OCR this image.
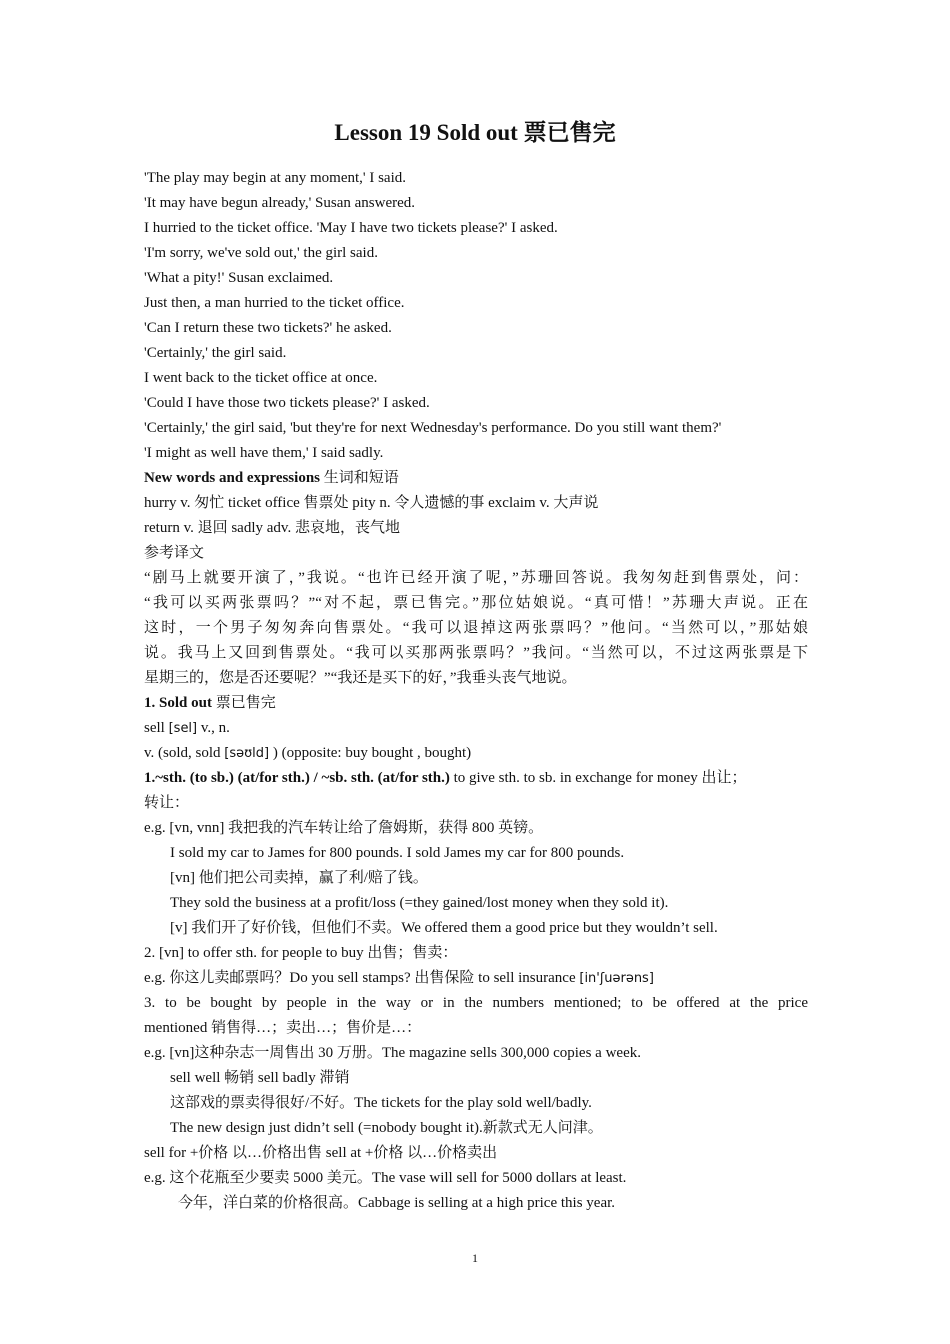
Lesson 19 Sold out 票已售完
'The play may begin at any moment,' I said.
'It may have begun already,' Susan answered.
I hurried to the ticket office. 'May I have two tickets please?' I asked.
'I'm sorry, we've sold out,' the girl said.
'What a pity!' Susan exclaimed.
Just then, a man hurried to the ticket office.
'Can I return these two tickets?' he asked.
'Certainly,' the girl said.
I went back to the ticket office at once.
'Could I have those two tickets please?' I asked.
'Certainly,' the girl said, 'but they're for next Wednesday's performance. Do you still want them?'
'I might as well have them,' I said sadly.
New words and expressions 生词和短语
hurry v. 匆忙 ticket office 售票处 pity n. 令人遗憾的事 exclaim v. 大声说
return v. 退回 sadly adv. 悲哀地，丧气地
参考译文
“剧马上就要开演了，”我说。“也许已经开演了呢，”苏珊回答说。我匆匆赶到售票处，问：
“我可以买两张票吗？”“对不起，票已售完。”那位姑娘说。“真可惜！”苏珊大声说。正在
这时，一个男子匆匆奔向售票处。“我可以退掉这两张票吗？”他问。“当然可以，”那姑娘
说。我马上又回到售票处。“我可以买那两张票吗？”我问。“当然可以，不过这两张票是下
星期三的，您是否还要呢？”“我还是买下的好，”我垂头丧气地说。
1. Sold out 票已售完
sell [sel] v., n.
v. (sold, sold [səʊld] ) (opposite: buy bought , bought)
1.~sth. (to sb.) (at/for sth.) / ~sb. sth. (at/for sth.) to give sth. to sb. in exchange for money 出让；
转让：
e.g. [vn, vnn] 我把我的汽车转让给了詹姆斯，获得 800 英镑。
I sold my car to James for 800 pounds. I sold James my car for 800 pounds.
[vn] 他们把公司卖掉，赢了利/赔了钱。
They sold the business at a profit/loss (=they gained/lost money when they sold it).
[v] 我们开了好价钱，但他们不卖。We offered them a good price but they wouldn’t sell.
2. [vn] to offer sth. for people to buy 出售；售卖：
e.g. 你这儿卖邮票吗？Do you sell stamps? 出售保险 to sell insurance [in'ʃuərəns]
3. to be bought by people in the way or in the numbers mentioned; to be offered at the price
mentioned 销售得…；卖出…；售价是…：
e.g. [vn]这种杂志一周售出 30 万册。The magazine sells 300,000 copies a week.
sell well 畅销 sell badly 滞销
这部戏的票卖得很好/不好。The tickets for the play sold well/badly.
The new design just didn’t sell (=nobody bought it).新款式无人问津。
sell for +价格 以…价格出售 sell at +价格 以…价格卖出
e.g. 这个花瓶至少要卖 5000 美元。The vase will sell for 5000 dollars at least.
今年，洋白菜的价格很高。Cabbage is selling at a high price this year.
1
